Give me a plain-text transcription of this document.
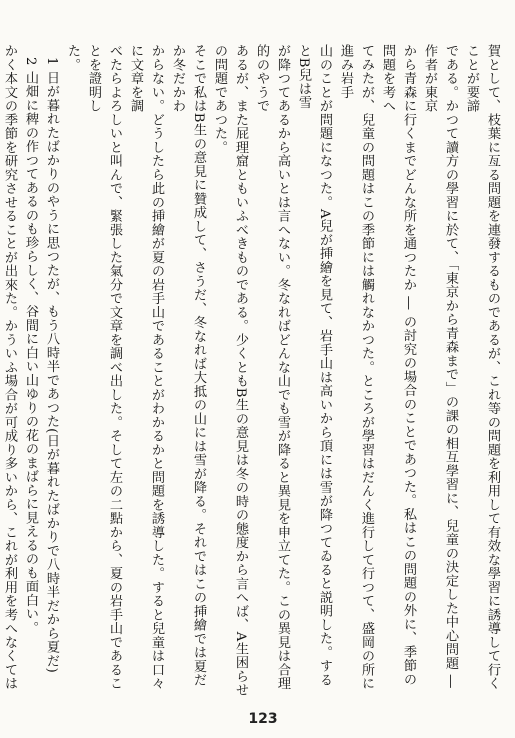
賀として、枝葉に亙る問題を連發するものであるが、これ等の問題を利用して有效な學習に誘導して行くことが要諦

である。かつて讀方の學習に於て、「東京から青森まで」の課の相互學習に、兒童の決定した中心問題 ― 作者が東京

から青森に行くまでどんな所を通つたか ― の討究の場合のことであつた。私はこの問題の外に、季節の問題を考へ

てみたが、兒童の問題はこの季節には觸れなかつた。ところが學習はだんく進行して行つて、盛岡の所に進み岩手

山のことが問題になつた。A兒が挿繪を見て、岩手山は高いから頂には雪が降つてゐると説明した。するとB兒は雪

が降つてあるから高いとは言へない。冬なればどんな山でも雪が降ると異見を申立てた。この異見は合理的のやうで

あるが、また屁理窟ともいふべきものである。少くともB生の意見は冬の時の態度から言へば、A生困らせの問題であつた。

そこで私はB生の意見に贊成して、さうだ、冬なれば大抵の山には雪が降る。それではこの挿繪では夏だか冬だかわ

からない。どうしたら此の挿繪が夏の岩手山であることがわかるかと問題を誘導した。すると兒童は口々に文章を調

べたらよろしいと叫んで、緊張した氣分で文章を調べ出した。そして左の二點から、夏の岩手山であることを證明し

た。

1 日が暮れたばかりのやうに思つたが、もう八時半であつた(日が暮れたばかりで八時半だから夏だ)

2 山畑に稗の作つてあるのも珍らしく、谷間に白い山ゆりの花のまばらに見えるのも面白い。

かく本文の季節を研究させることが出來た。かういふ場合が可成り多いから、これが利用を考へなくては

123
